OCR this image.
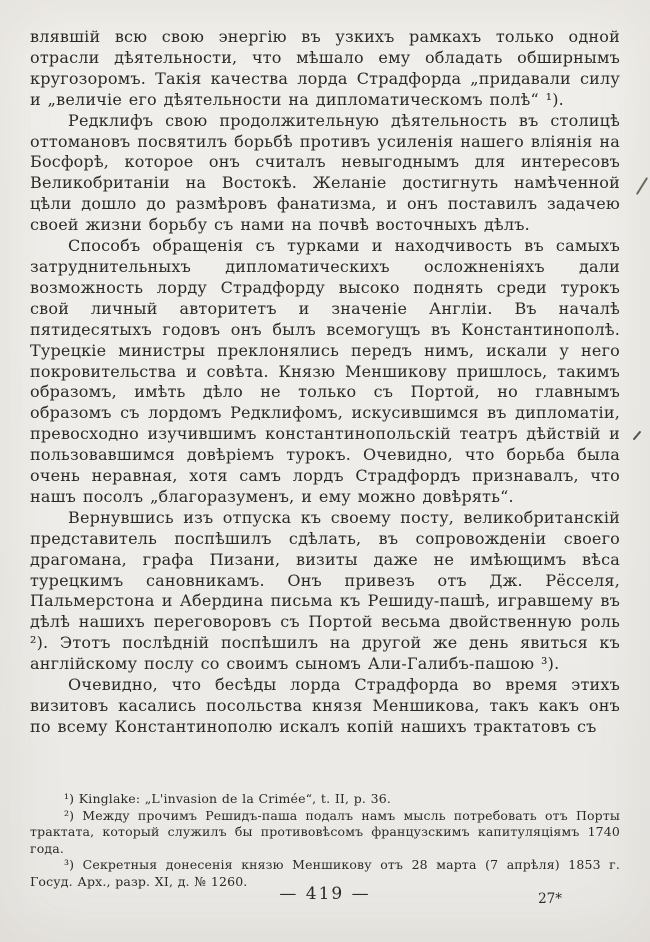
влявшій всю свою энергію въ узкихъ рамкахъ только одной отрасли дѣятельности, что мѣшало ему обладать обширнымъ кругозоромъ. Такія качества лорда Страдфорда „придавали силу и „величіе его дѣятельности на дипломатическомъ полѣ“ ¹).

Редклифъ свою продолжительную дѣятельность въ столицѣ оттомановъ посвятилъ борьбѣ противъ усиленія нашего вліянія на Босфорѣ, которое онъ считалъ невыгоднымъ для интересовъ Великобританіи на Востокѣ. Желаніе достигнуть намѣченной цѣли дошло до размѣровъ фанатизма, и онъ поставилъ задачею своей жизни борьбу съ нами на почвѣ восточныхъ дѣлъ.

Способъ обращенія съ турками и находчивость въ самыхъ затруднительныхъ дипломатическихъ осложненіяхъ дали возможность лорду Страдфорду высоко поднять среди турокъ свой личный авторитетъ и значеніе Англіи. Въ началѣ пятидесятыхъ годовъ онъ былъ всемогущъ въ Константинополѣ. Турецкіе министры преклонялись передъ нимъ, искали у него покровительства и совѣта. Князю Меншикову пришлось, такимъ образомъ, имѣть дѣло не только съ Портой, но главнымъ образомъ съ лордомъ Редклифомъ, искусившимся въ дипломатіи, превосходно изучившимъ константинопольскій театръ дѣйствій и пользовавшимся довѣріемъ турокъ. Очевидно, что борьба была очень неравная, хотя самъ лордъ Страдфордъ признавалъ, что нашъ посолъ „благоразуменъ, и ему можно довѣрять“.

Вернувшись изъ отпуска къ своему посту, великобританскій представитель поспѣшилъ сдѣлать, въ сопровожденіи своего драгомана, графа Пизани, визиты даже не имѣющимъ вѣса турецкимъ сановникамъ. Онъ привезъ отъ Дж. Рёсселя, Пальмерстона и Абердина письма къ Решиду-пашѣ, игравшему въ дѣлѣ нашихъ переговоровъ съ Портой весьма двойственную роль ²). Этотъ послѣдній поспѣшилъ на другой же день явиться къ англійскому послу со своимъ сыномъ Али-Галибъ-пашою ³).

Очевидно, что бесѣды лорда Страдфорда во время этихъ визитовъ касались посольства князя Меншикова, такъ какъ онъ по всему Константинополю искалъ копій нашихъ трактатовъ съ

¹) Kinglake: „L'invasion de la Crimée“, t. II, p. 36.

²) Между прочимъ Решидъ-паша подалъ намъ мысль потребовать отъ Порты трактата, который служилъ бы противовѣсомъ французскимъ капитуляціямъ 1740 года.

³) Секретныя донесенія князю Меншикову отъ 28 марта (7 апрѣля) 1853 г. Госуд. Арх., разр. XI, д. № 1260.

— 419 —	27*
